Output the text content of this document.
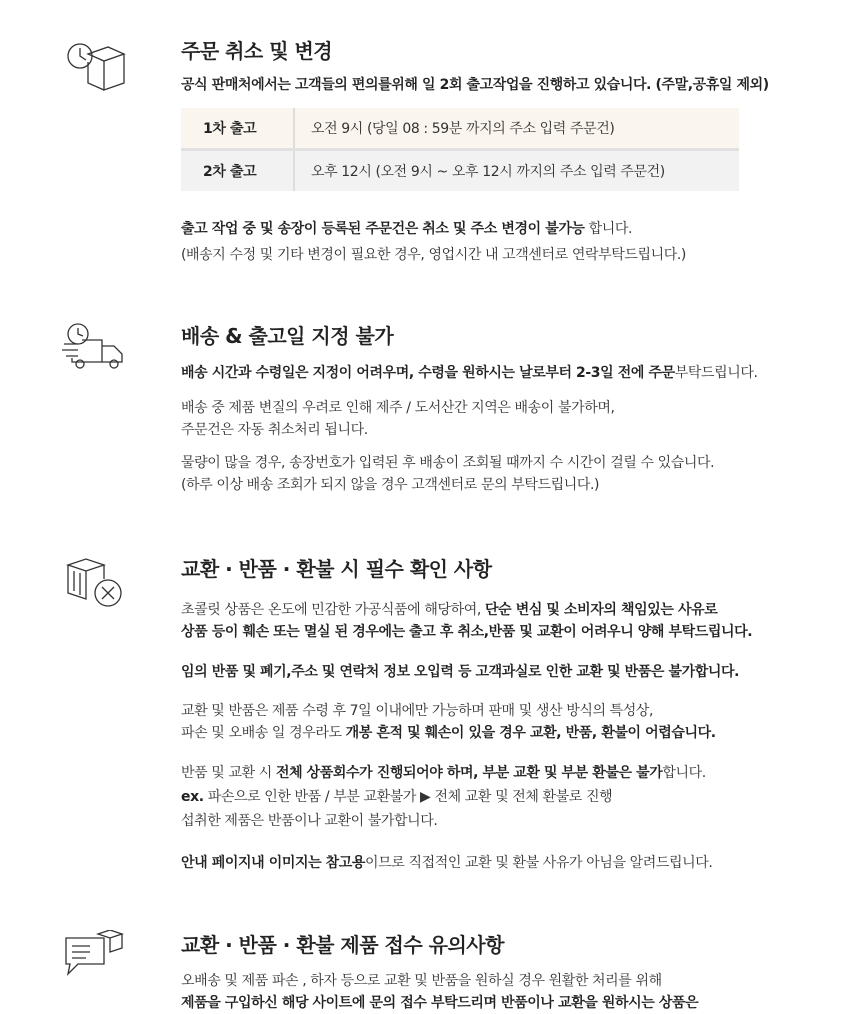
주문 취소 및 변경

공식 판매처에서는 고객들의 편의를위해 일 2회 출고작업을 진행하고 있습니다. (주말,공휴일 제외)

1차 출고	오전 9시 (당일 08 : 59분 까지의 주소 입력 주문건)
2차 출고	오후 12시 (오전 9시 ~ 오후 12시 까지의 주소 입력 주문건)

출고 작업 중 및 송장이 등록된 주문건은 취소 및 주소 변경이 불가능 합니다.

(배송지 수정 및 기타 변경이 필요한 경우, 영업시간 내 고객센터로 연락부탁드립니다.)

배송 & 출고일 지정 불가

배송 시간과 수령일은 지정이 어려우며, 수령을 원하시는 날로부터 2-3일 전에 주문부탁드립니다.

배송 중 제품 변질의 우려로 인해 제주 / 도서산간 지역은 배송이 불가하며,

주문건은 자동 취소처리 됩니다.

물량이 많을 경우, 송장번호가 입력된 후 배송이 조회될 때까지 수 시간이 걸릴 수 있습니다.

(하루 이상 배송 조회가 되지 않을 경우 고객센터로 문의 부탁드립니다.)

교환 · 반품 · 환불 시 필수 확인 사항

초콜릿 상품은 온도에 민감한 가공식품에 해당하여, 단순 변심 및 소비자의 책임있는 사유로

상품 등이 훼손 또는 멸실 된 경우에는 출고 후 취소,반품 및 교환이 어려우니 양해 부탁드립니다.

임의 반품 및 폐기,주소 및 연락처 정보 오입력 등 고객과실로 인한 교환 및 반품은 불가합니다.

교환 및 반품은 제품 수령 후 7일 이내에만 가능하며 판매 및 생산 방식의 특성상,

파손 및 오배송 일 경우라도 개봉 흔적 및 훼손이 있을 경우 교환, 반품, 환불이 어렵습니다.

반품 및 교환 시 전체 상품회수가 진행되어야 하며, 부분 교환 및 부분 환불은 불가합니다.

ex. 파손으로 인한 반품 / 부분 교환불가 ▶ 전체 교환 및 전체 환불로 진행

섭취한 제품은 반품이나 교환이 불가합니다.

안내 페이지내 이미지는 참고용이므로 직접적인 교환 및 환불 사유가 아님을 알려드립니다.

교환 · 반품 · 환불 제품 접수 유의사항

오배송 및 제품 파손 , 하자 등으로 교환 및 반품을 원하실 경우 원활한 처리를 위해

제품을 구입하신 해당 사이트에 문의 접수 부탁드리며 반품이나 교환을 원하시는 상품은
